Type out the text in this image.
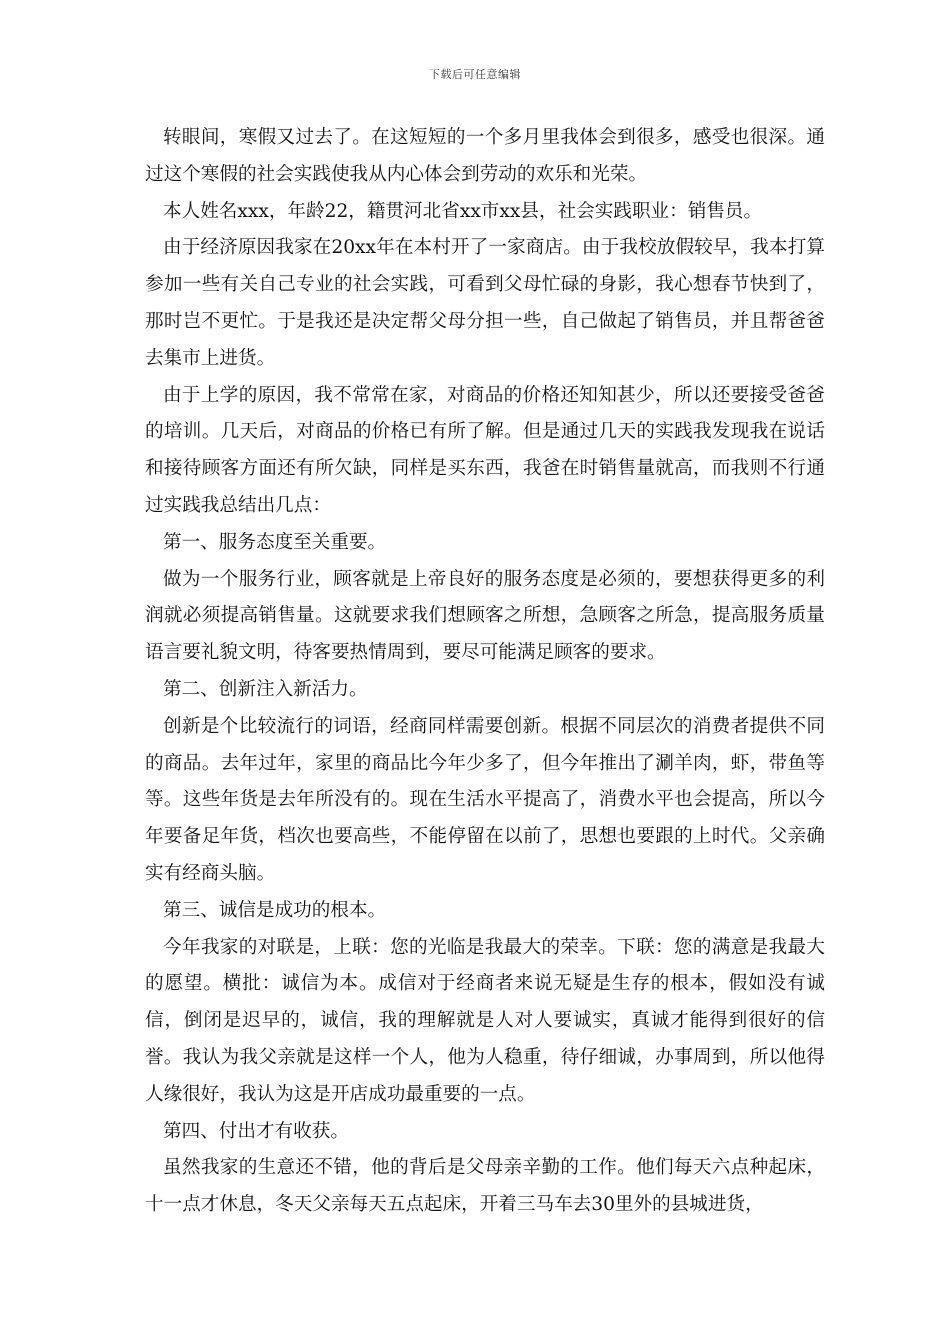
下载后可任意编辑

转眼间，寒假又过去了。在这短短的一个多月里我体会到很多，感受也很深。通过这个寒假的社会实践使我从内心体会到劳动的欢乐和光荣。

本人姓名xxx，年龄22，籍贯河北省xx市xx县，社会实践职业：销售员。

由于经济原因我家在20xx年在本村开了一家商店。由于我校放假较早，我本打算参加一些有关自己专业的社会实践，可看到父母忙碌的身影，我心想春节快到了，那时岂不更忙。于是我还是决定帮父母分担一些，自己做起了销售员，并且帮爸爸去集市上进货。

由于上学的原因，我不常常在家，对商品的价格还知知甚少，所以还要接受爸爸的培训。几天后，对商品的价格已有所了解。但是通过几天的实践我发现我在说话和接待顾客方面还有所欠缺，同样是买东西，我爸在时销售量就高，而我则不行通过实践我总结出几点：

第一、服务态度至关重要。

做为一个服务行业，顾客就是上帝良好的服务态度是必须的，要想获得更多的利润就必须提高销售量。这就要求我们想顾客之所想，急顾客之所急，提高服务质量语言要礼貌文明，待客要热情周到，要尽可能满足顾客的要求。

第二、创新注入新活力。

创新是个比较流行的词语，经商同样需要创新。根据不同层次的消费者提供不同的商品。去年过年，家里的商品比今年少多了，但今年推出了涮羊肉，虾，带鱼等等。这些年货是去年所没有的。现在生活水平提高了，消费水平也会提高，所以今年要备足年货，档次也要高些，不能停留在以前了，思想也要跟的上时代。父亲确实有经商头脑。

第三、诚信是成功的根本。

今年我家的对联是，上联：您的光临是我最大的荣幸。下联：您的满意是我最大的愿望。横批：诚信为本。成信对于经商者来说无疑是生存的根本，假如没有诚信，倒闭是迟早的，诚信，我的理解就是人对人要诚实，真诚才能得到很好的信誉。我认为我父亲就是这样一个人，他为人稳重，待仔细诚，办事周到，所以他得人缘很好，我认为这是开店成功最重要的一点。

第四、付出才有收获。

虽然我家的生意还不错，他的背后是父母亲辛勤的工作。他们每天六点种起床，十一点才休息，冬天父亲每天五点起床，开着三马车去30里外的县城进货，
